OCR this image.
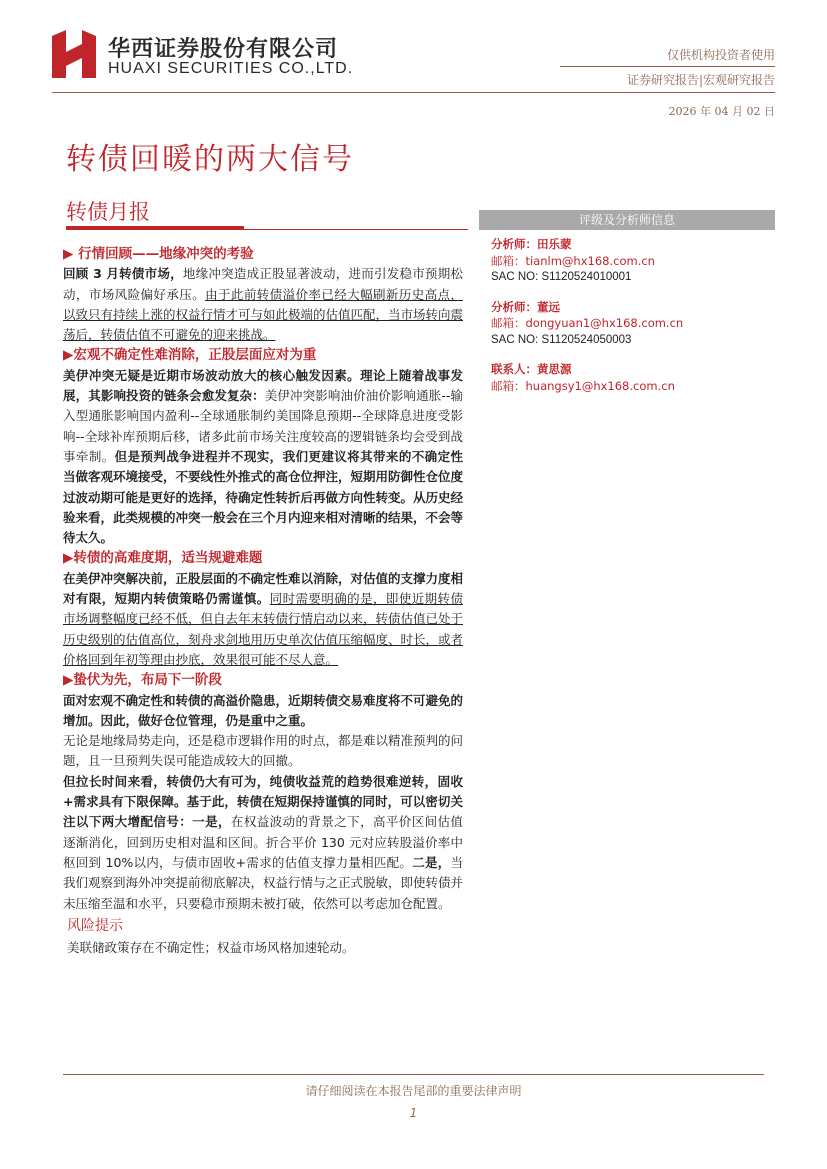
华西证券股份有限公司
HUAXI SECURITIES CO.,LTD.
仅供机构投资者使用
证券研究报告|宏观研究报告
2026 年 04 月 02 日
转债回暖的两大信号
转债月报

▶ 行情回顾——地缘冲突的考验

回顾 3 月转债市场，地缘冲突造成正股显著波动，进而引发稳市预期松动，市场风险偏好承压。由于此前转债溢价率已经大幅刷新历史高点，以致只有持续上涨的权益行情才可与如此极端的估值匹配，当市场转向震荡后，转债估值不可避免的迎来挑战。

▶宏观不确定性难消除，正股层面应对为重

美伊冲突无疑是近期市场波动放大的核心触发因素。理论上随着战事发展，其影响投资的链条会愈发复杂：美伊冲突影响油价油价影响通胀--输入型通胀影响国内盈利--全球通胀制约美国降息预期--全球降息进度受影响--全球补库预期后移，诸多此前市场关注度较高的逻辑链条均会受到战事牵制。但是预判战争进程并不现实，我们更建议将其带来的不确定性当做客观环境接受，不要线性外推式的高仓位押注，短期用防御性仓位度过波动期可能是更好的选择，待确定性转折后再做方向性转变。从历史经验来看，此类规模的冲突一般会在三个月内迎来相对清晰的结果，不会等待太久。

▶转债的高难度期，适当规避难题

在美伊冲突解决前，正股层面的不确定性难以消除，对估值的支撑力度相对有限，短期内转债策略仍需谨慎。同时需要明确的是，即使近期转债市场调整幅度已经不低，但自去年末转债行情启动以来，转债估值已处于历史级别的估值高位，刻舟求剑地用历史单次估值压缩幅度、时长，或者价格回到年初等理由抄底，效果很可能不尽人意。

▶蛰伏为先，布局下一阶段

面对宏观不确定性和转债的高溢价隐患，近期转债交易难度将不可避免的增加。因此，做好仓位管理，仍是重中之重。

无论是地缘局势走向，还是稳市逻辑作用的时点，都是难以精准预判的问题，且一旦预判失误可能造成较大的回撤。

但拉长时间来看，转债仍大有可为，纯债收益荒的趋势很难逆转，固收+需求具有下限保障。基于此，转债在短期保持谨慎的同时，可以密切关注以下两大增配信号：一是，在权益波动的背景之下，高平价区间估值逐渐消化，回到历史相对温和区间。折合平价 130 元对应转股溢价率中枢回到 10%以内，与债市固收+需求的估值支撑力量相匹配。二是，当我们观察到海外冲突提前彻底解决，权益行情与之正式脱敏，即使转债并未压缩至温和水平，只要稳市预期未被打破，依然可以考虑加仓配置。

风险提示

美联储政策存在不确定性；权益市场风格加速轮动。

评级及分析师信息
分析师：田乐蒙
邮箱：tianlm@hx168.com.cn
SAC NO: S1120524010001
分析师：董远
邮箱：dongyuan1@hx168.com.cn
SAC NO: S1120524050003
联系人：黄思源
邮箱：huangsy1@hx168.com.cn
请仔细阅读在本报告尾部的重要法律声明
1
